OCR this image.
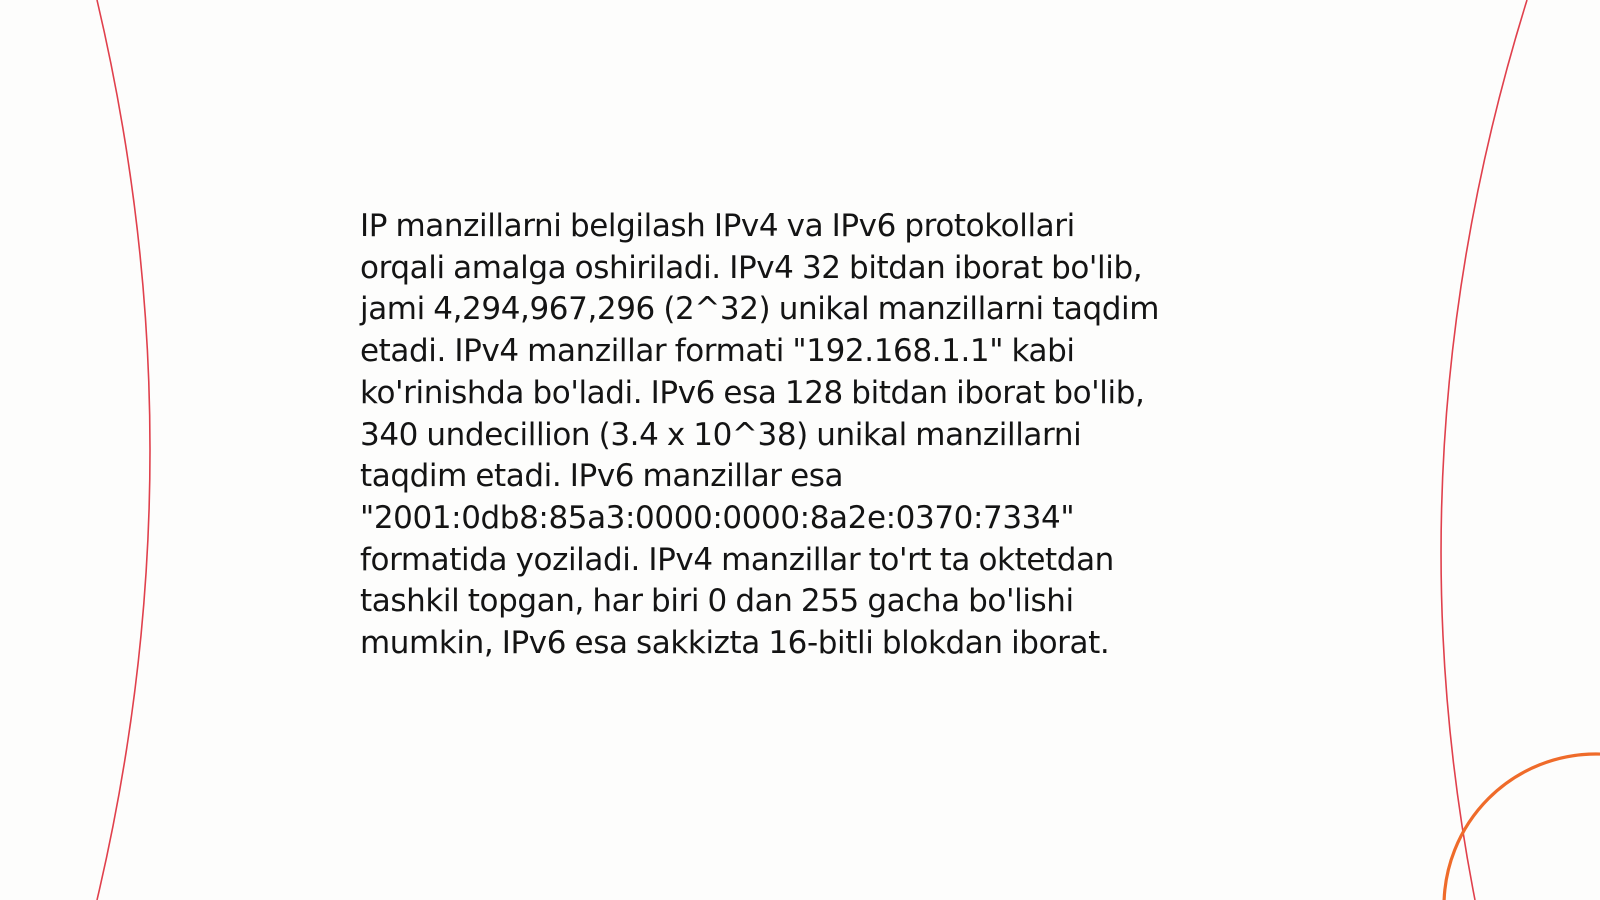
IP manzillarni belgilash IPv4 va IPv6 protokollari
orqali amalga oshiriladi. IPv4 32 bitdan iborat bo'lib,
jami 4,294,967,296 (2^32) unikal manzillarni taqdim
etadi. IPv4 manzillar formati "192.168.1.1" kabi
ko'rinishda bo'ladi. IPv6 esa 128 bitdan iborat bo'lib,
340 undecillion (3.4 x 10^38) unikal manzillarni
taqdim etadi. IPv6 manzillar esa
"2001:0db8:85a3:0000:0000:8a2e:0370:7334"
formatida yoziladi. IPv4 manzillar to'rt ta oktetdan
tashkil topgan, har biri 0 dan 255 gacha bo'lishi
mumkin, IPv6 esa sakkizta 16-bitli blokdan iborat.
